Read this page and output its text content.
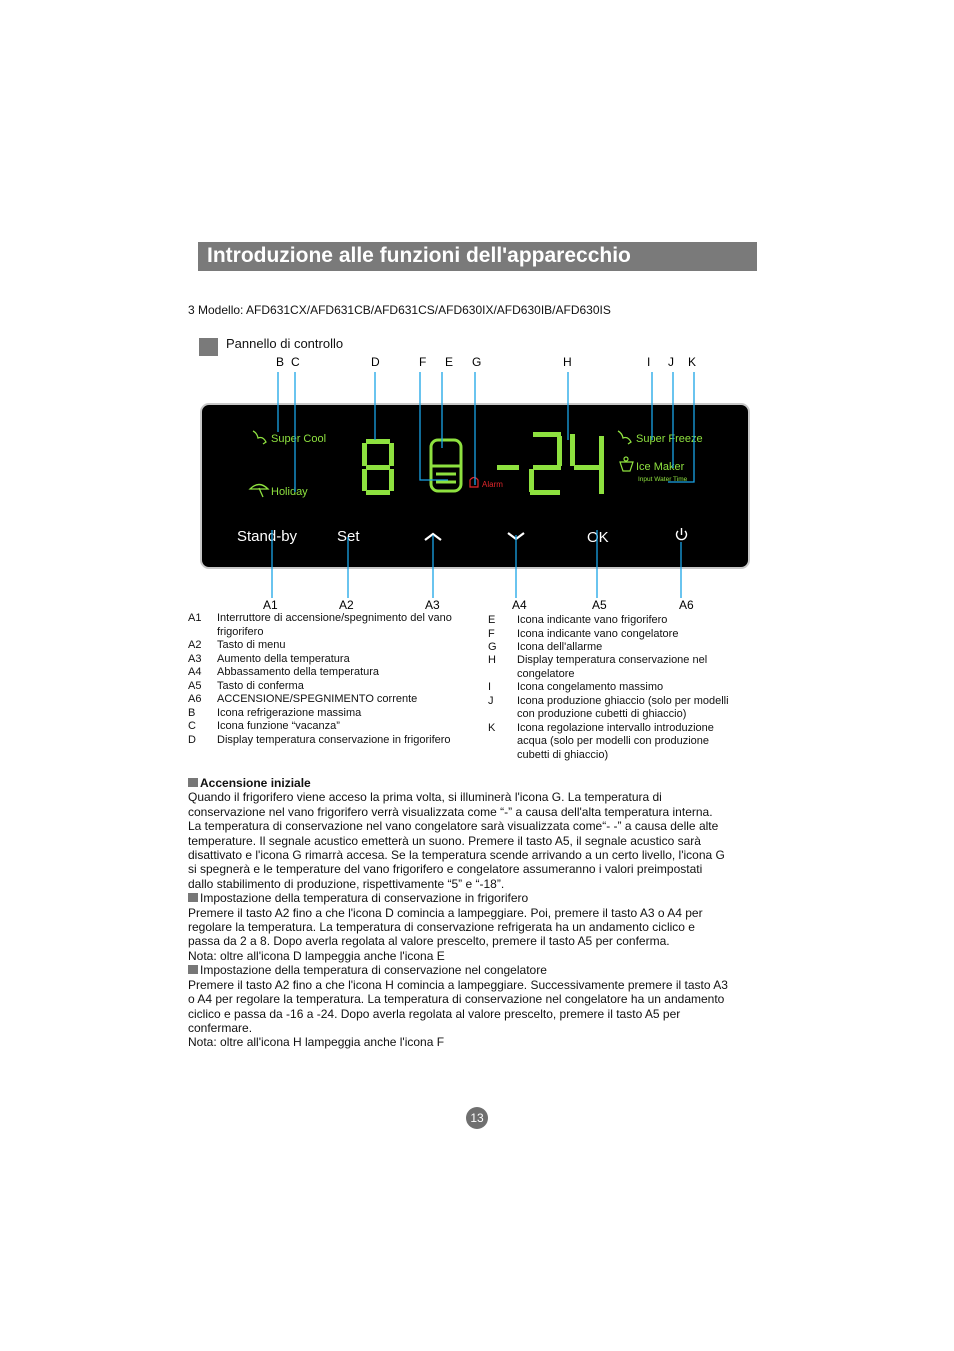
Introduzione alle funzioni dell'apparecchio
3 Modello: AFD631CX/AFD631CB/AFD631CS/AFD630IX/AFD630IB/AFD630IS
Pannello di controllo
B C	D	F E G	H	I J K
Super Cool
Holiday
Alarm
Super Freeze
Ice Maker
Input Water Time
Stand-by	Set	OK
A1	A2	A3	A4	A5	A6
A1 Interruttore di accensione/spegnimento del vano
frigorifero
A2 Tasto di menu
A3 Aumento della temperatura
A4 Abbassamento della temperatura
A5 Tasto di conferma
A6 ACCENSIONE/SPEGNIMENTO corrente
B Icona refrigerazione massima
C Icona funzione “vacanza”
D Display temperatura conservazione in frigorifero
E Icona indicante vano frigorifero
F Icona indicante vano congelatore
G Icona dell'allarme
H Display temperatura conservazione nel
congelatore
I Icona congelamento massimo
J Icona produzione ghiaccio (solo per modelli
con produzione cubetti di ghiaccio)
K Icona regolazione intervallo introduzione
acqua (solo per modelli con produzione
cubetti di ghiaccio)

Accensione iniziale

Quando il frigorifero viene acceso la prima volta, si illuminerà l'icona G. La temperatura di

conservazione nel vano frigorifero verrà visualizzata come “-” a causa dell'alta temperatura interna.

La temperatura di conservazione nel vano congelatore sarà visualizzata come“- -” a causa delle alte

temperature. Il segnale acustico emetterà un suono. Premere il tasto A5, il segnale acustico sarà

disattivato e l'icona G rimarrà accesa. Se la temperatura scende arrivando a un certo livello, l'icona G

si spegnerà e le temperature del vano frigorifero e congelatore assumeranno i valori preimpostati

dallo stabilimento di produzione, rispettivamente “5” e “-18”.

Impostazione della temperatura di conservazione in frigorifero

Premere il tasto A2 fino a che l'icona D comincia a lampeggiare. Poi, premere il tasto A3 o A4 per

regolare la temperatura. La temperatura di conservazione refrigerata ha un andamento ciclico e

passa da 2 a 8. Dopo averla regolata al valore prescelto, premere il tasto A5 per conferma.

Nota: oltre all'icona D lampeggia anche l'icona E

Impostazione della temperatura di conservazione nel congelatore

Premere il tasto A2 fino a che l'icona H comincia a lampeggiare. Successivamente premere il tasto A3

o A4 per regolare la temperatura. La temperatura di conservazione nel congelatore ha un andamento

ciclico e passa da -16 a -24. Dopo averla regolata al valore prescelto, premere il tasto A5 per

confermare.

Nota: oltre all'icona H lampeggia anche l'icona F

13
